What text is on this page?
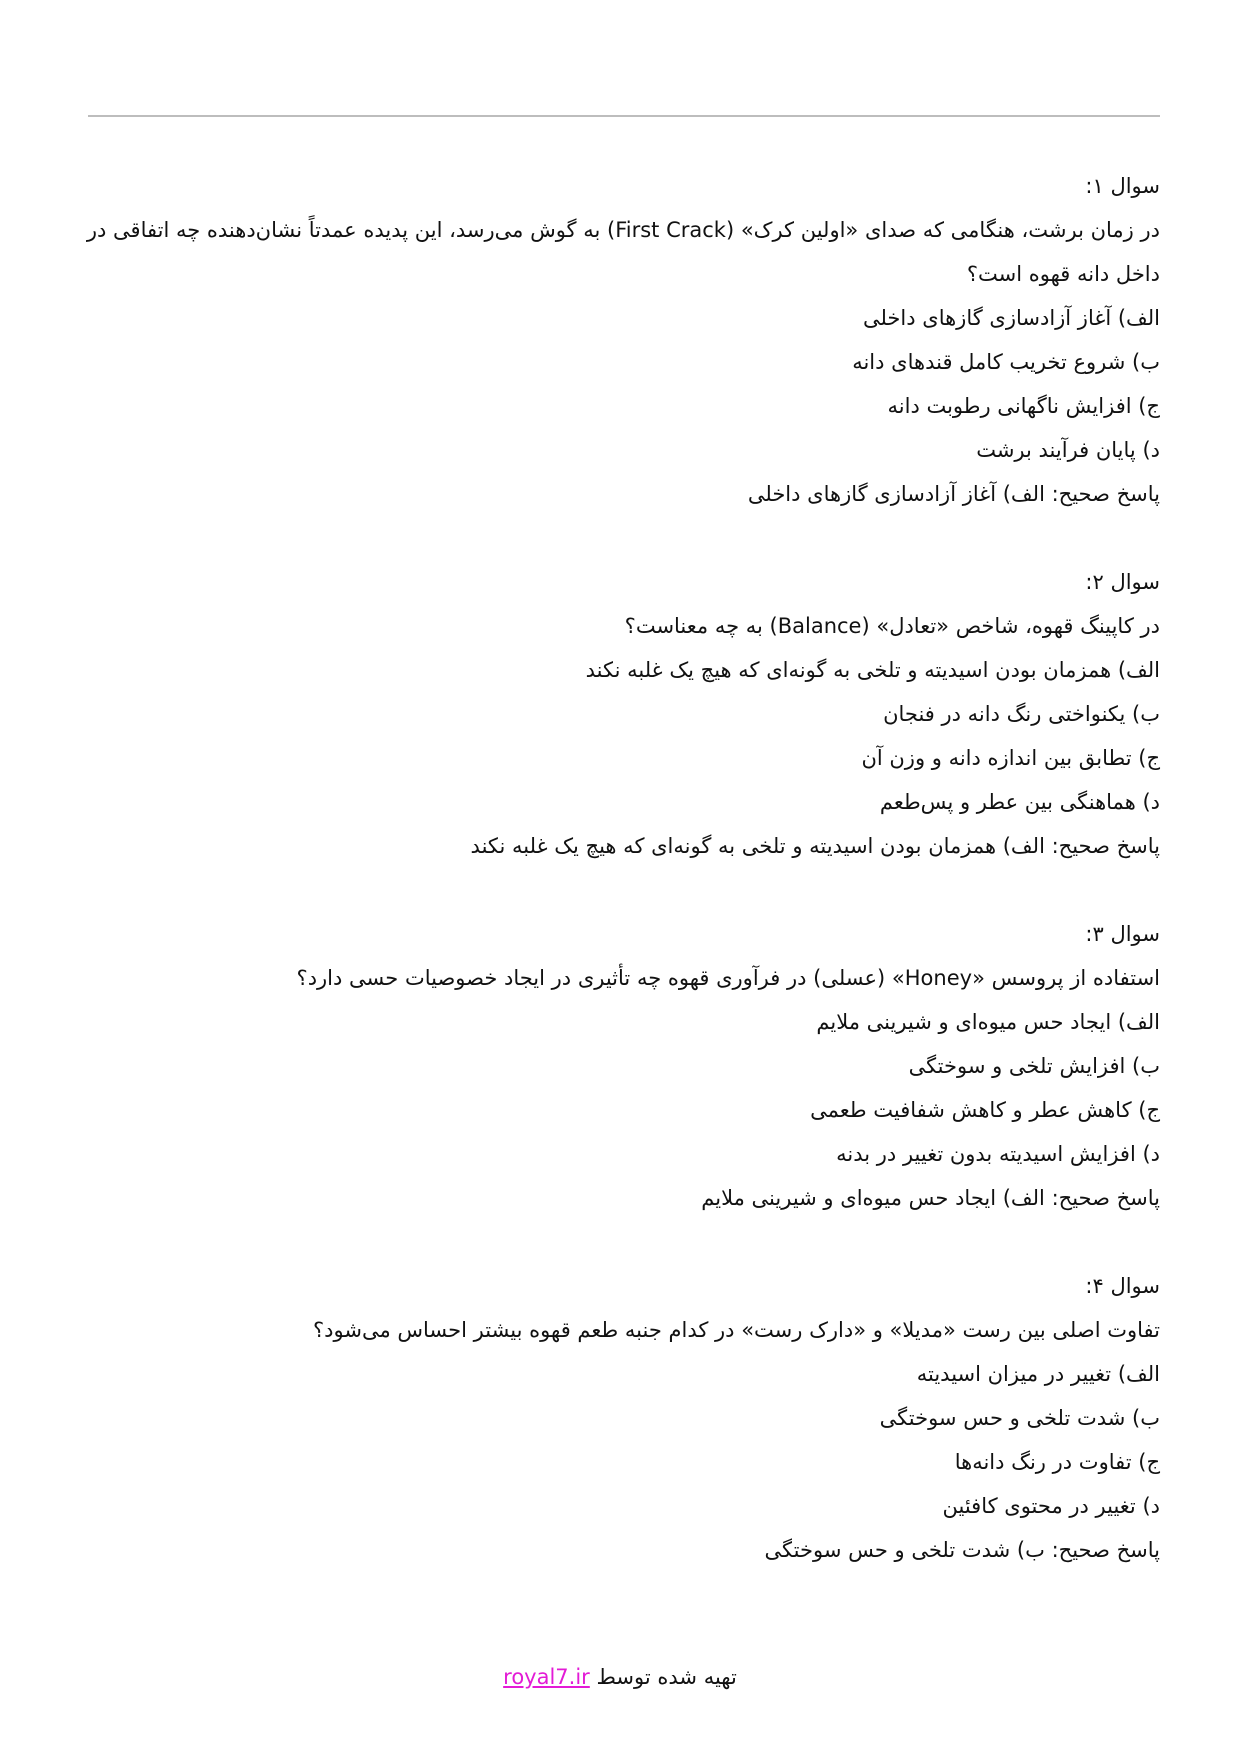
سوال ۱:

در زمان برشت، هنگامی که صدای «اولین کرک» (First Crack) به گوش می‌رسد، این پدیده عمدتاً نشان‌دهنده چه اتفاقی در داخل دانه قهوه است؟

الف) آغاز آزادسازی گازهای داخلی

ب) شروع تخریب کامل قندهای دانه

ج) افزایش ناگهانی رطوبت دانه

د) پایان فرآیند برشت

پاسخ صحیح: الف) آغاز آزادسازی گازهای داخلی

سوال ۲:

در کاپینگ قهوه، شاخص «تعادل» (Balance) به چه معناست؟

الف) همزمان بودن اسیدیته و تلخی به گونه‌ای که هیچ یک غلبه نکند

ب) یکنواختی رنگ دانه در فنجان

ج) تطابق بین اندازه دانه و وزن آن

د) هماهنگی بین عطر و پس‌طعم

پاسخ صحیح: الف) همزمان بودن اسیدیته و تلخی به گونه‌ای که هیچ یک غلبه نکند

سوال ۳:

استفاده از پروسس «Honey» (عسلی) در فرآوری قهوه چه تأثیری در ایجاد خصوصیات حسی دارد؟

الف) ایجاد حس میوه‌ای و شیرینی ملایم

ب) افزایش تلخی و سوختگی

ج) کاهش عطر و کاهش شفافیت طعمی

د) افزایش اسیدیته بدون تغییر در بدنه

پاسخ صحیح: الف) ایجاد حس میوه‌ای و شیرینی ملایم

سوال ۴:

تفاوت اصلی بین رست «مدیلا» و «دارک رست» در کدام جنبه طعم قهوه بیشتر احساس می‌شود؟

الف) تغییر در میزان اسیدیته

ب) شدت تلخی و حس سوختگی

ج) تفاوت در رنگ دانه‌ها

د) تغییر در محتوی کافئین

پاسخ صحیح: ب) شدت تلخی و حس سوختگی

تهیه شده توسط royal7.ir
